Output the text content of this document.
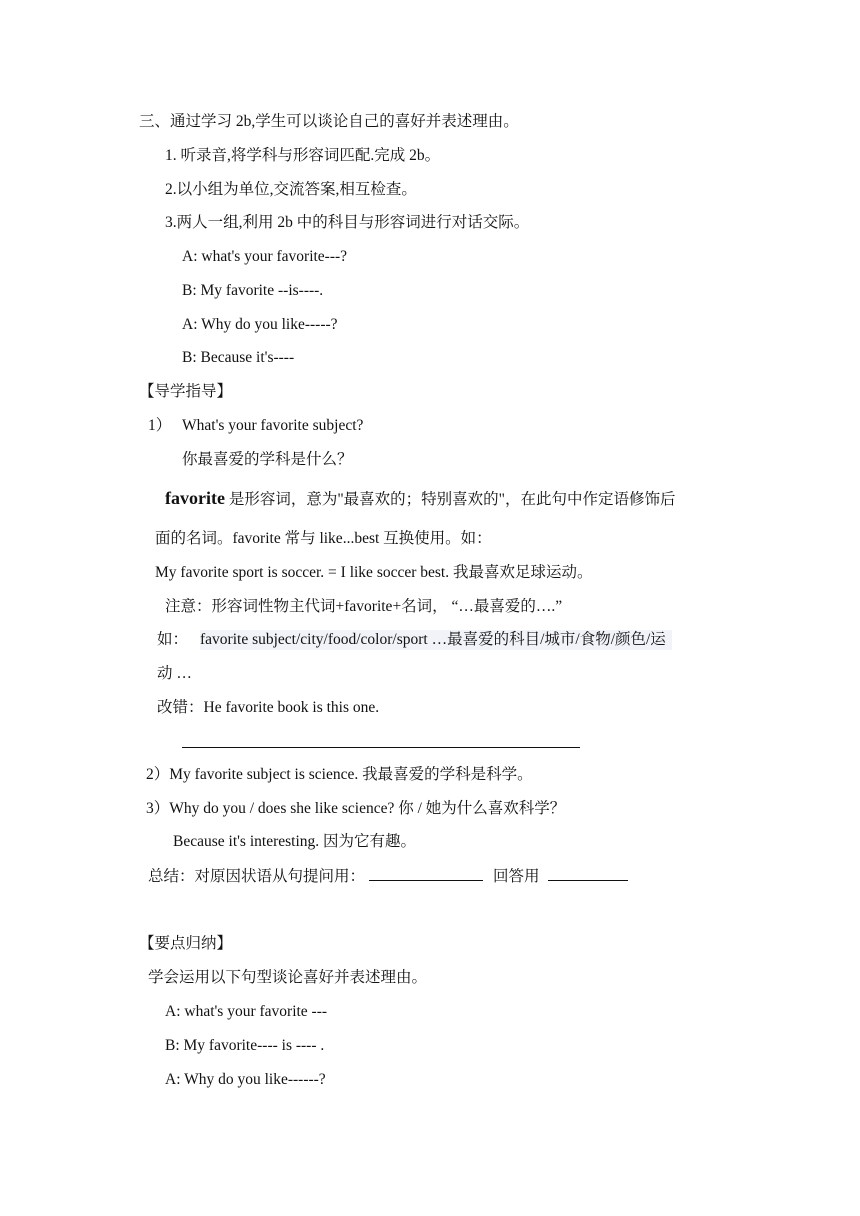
三、通过学习 2b,学生可以谈论自己的喜好并表述理由。
1. 听录音,将学科与形容词匹配.完成 2b。
2.以小组为单位,交流答案,相互检查。
3.两人一组,利用 2b 中的科目与形容词进行对话交际。
A: what's your favorite---?
B: My favorite --is----.
A: Why do you like-----?
B: Because it's----
【导学指导】
1） What's your favorite subject?
你最喜爱的学科是什么？
favorite 是形容词，意为"最喜欢的；特别喜欢的"，在此句中作定语修饰后
面的名词。favorite 常与 like...best 互换使用。如：
My favorite sport is soccer. = I like soccer best. 我最喜欢足球运动。
注意：形容词性物主代词+favorite+名词， “…最喜爱的….”
如： favorite subject/city/food/color/sport …最喜爱的科目/城市/食物/颜色/运
动 …
改错：He favorite book is this one.
2）My favorite subject is science. 我最喜爱的学科是科学。
3）Why do you / does she like science? 你 / 她为什么喜欢科学？
Because it's interesting. 因为它有趣。
总结：对原因状语从句提问用：	回答用
【要点归纳】
学会运用以下句型谈论喜好并表述理由。
A: what's your favorite ---
B: My favorite---- is ---- .
A: Why do you like------?
